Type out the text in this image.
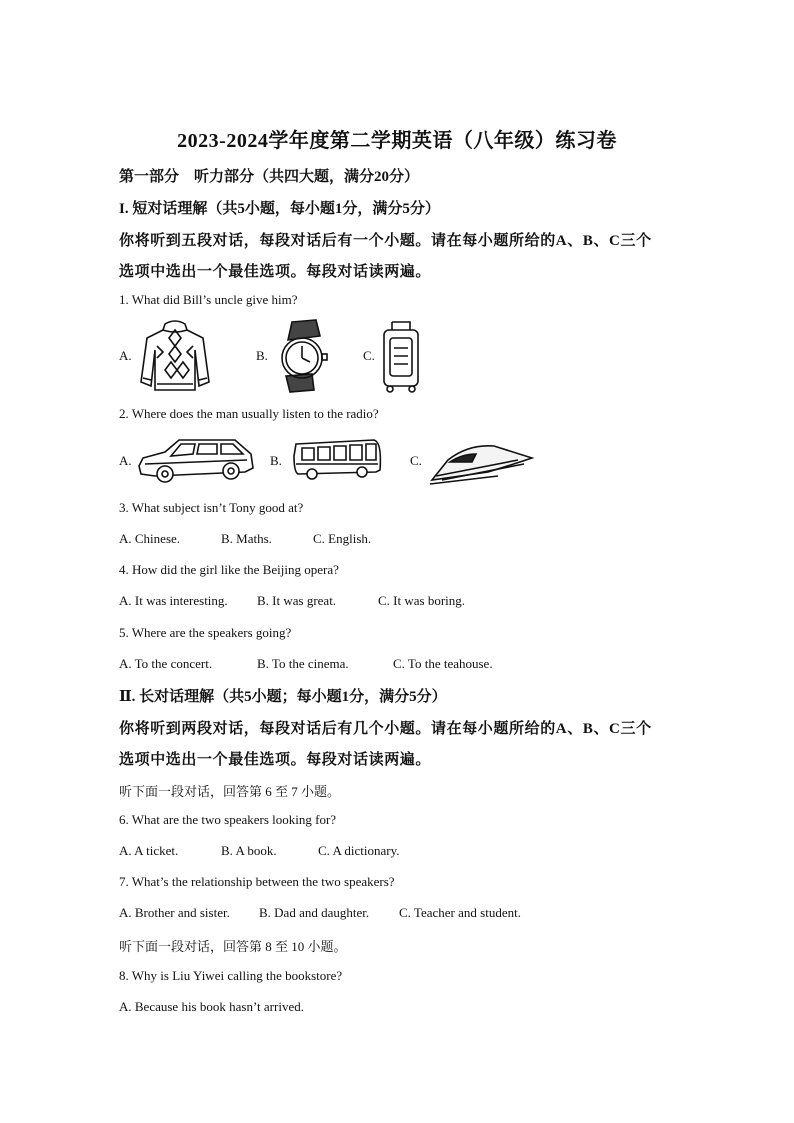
2023-2024学年度第二学期英语（八年级）练习卷
第一部分　听力部分（共四大题，满分20分）
I. 短对话理解（共5小题，每小题1分，满分5分）
你将听到五段对话，每段对话后有一个小题。请在每小题所给的A、B、C三个
选项中选出一个最佳选项。每段对话读两遍。
1. What did Bill’s uncle give him?
A.	B.	C.
2. Where does the man usually listen to the radio?
A.	B.	C.
3. What subject isn’t Tony good at?
A. Chinese.	B. Maths.	C. English.
4. How did the girl like the Beijing opera?
A. It was interesting. B. It was great.	C. It was boring.
5. Where are the speakers going?
A. To the concert.	B. To the cinema.	C. To the teahouse.
Ⅱ. 长对话理解（共5小题；每小题1分，满分5分）
你将听到两段对话，每段对话后有几个小题。请在每小题所给的A、B、C三个
选项中选出一个最佳选项。每段对话读两遍。
听下面一段对话，回答第 6 至 7 小题。
6. What are the two speakers looking for?
A. A ticket.	B. A book.	C. A dictionary.
7. What’s the relationship between the two speakers?
A. Brother and sister. B. Dad and daughter. C. Teacher and student.
听下面一段对话，回答第 8 至 10 小题。
8. Why is Liu Yiwei calling the bookstore?
A. Because his book hasn’t arrived.
